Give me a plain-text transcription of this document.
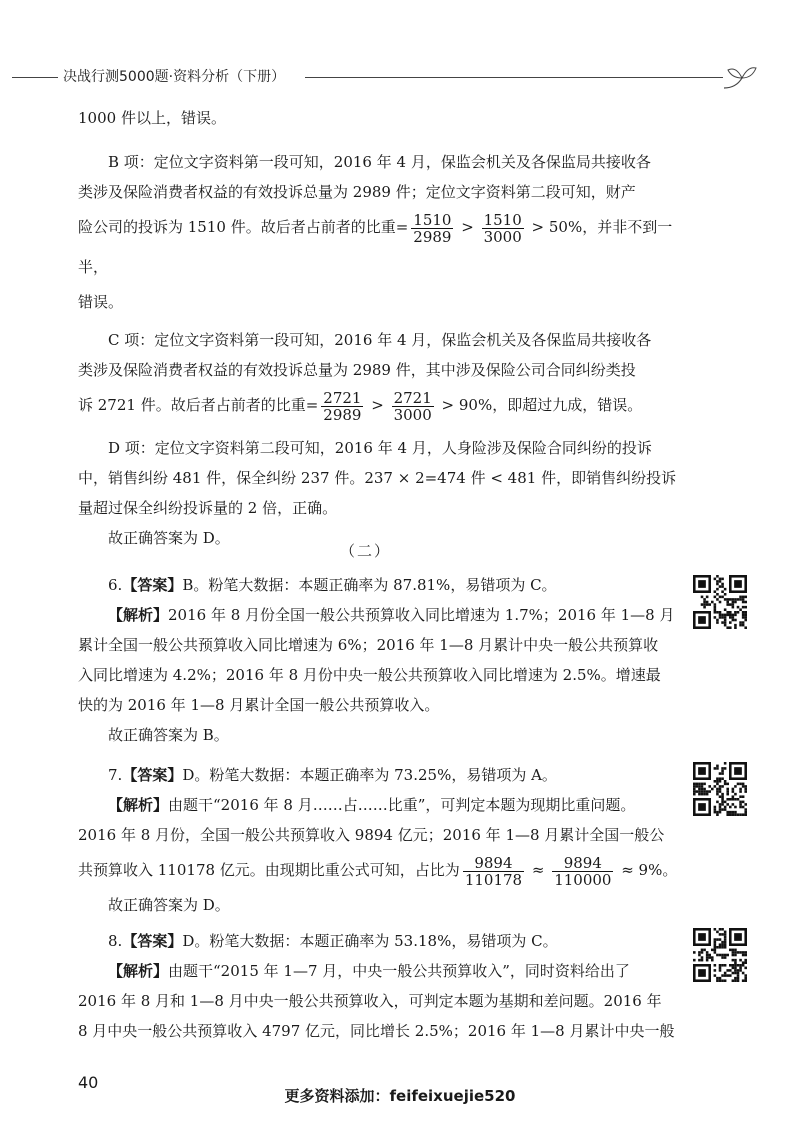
决战行测5000题·资料分析（下册）

1000 件以上，错误。

B 项：定位文字资料第一段可知，2016 年 4 月，保监会机关及各保监局共接收各

类涉及保险消费者权益的有效投诉总量为 2989 件；定位文字资料第二段可知，财产

险公司的投诉为 1510 件。故后者占前者的比重= $\frac{1510}{2989} > \frac{1510}{3000} > 50\%$，并非不到一半，

错误。

C 项：定位文字资料第一段可知，2016 年 4 月，保监会机关及各保监局共接收各

类涉及保险消费者权益的有效投诉总量为 2989 件，其中涉及保险公司合同纠纷类投

诉 2721 件。故后者占前者的比重= $\frac{2721}{2989} > \frac{2721}{3000} > 90\%$，即超过九成，错误。

D 项：定位文字资料第二段可知，2016 年 4 月，人身险涉及保险合同纠纷的投诉

中，销售纠纷 481 件，保全纠纷 237 件。237 × 2=474 件 < 481 件，即销售纠纷投诉

量超过保全纠纷投诉量的 2 倍，正确。

故正确答案为 D。

（二）

6.【答案】B。粉笔大数据：本题正确率为 87.81%，易错项为 C。

【解析】2016 年 8 月份全国一般公共预算收入同比增速为 1.7%；2016 年 1—8 月

累计全国一般公共预算收入同比增速为 6%；2016 年 1—8 月累计中央一般公共预算收

入同比增速为 4.2%；2016 年 8 月份中央一般公共预算收入同比增速为 2.5%。增速最

快的为 2016 年 1—8 月累计全国一般公共预算收入。

故正确答案为 B。

7.【答案】D。粉笔大数据：本题正确率为 73.25%，易错项为 A。

【解析】由题干“2016 年 8 月……占……比重”，可判定本题为现期比重问题。

2016 年 8 月份，全国一般公共预算收入 9894 亿元；2016 年 1—8 月累计全国一般公

共预算收入 110178 亿元。由现期比重公式可知，占比为 $\frac{9894}{110178} \approx \frac{9894}{110000} \approx 9\%$。

故正确答案为 D。

8.【答案】D。粉笔大数据：本题正确率为 53.18%，易错项为 C。

【解析】由题干“2015 年 1—7 月，中央一般公共预算收入”，同时资料给出了

2016 年 8 月和 1—8 月中央一般公共预算收入，可判定本题为基期和差问题。2016 年

8 月中央一般公共预算收入 4797 亿元，同比增长 2.5%；2016 年 1—8 月累计中央一般

40
更多资料添加：feifeixuejie520
